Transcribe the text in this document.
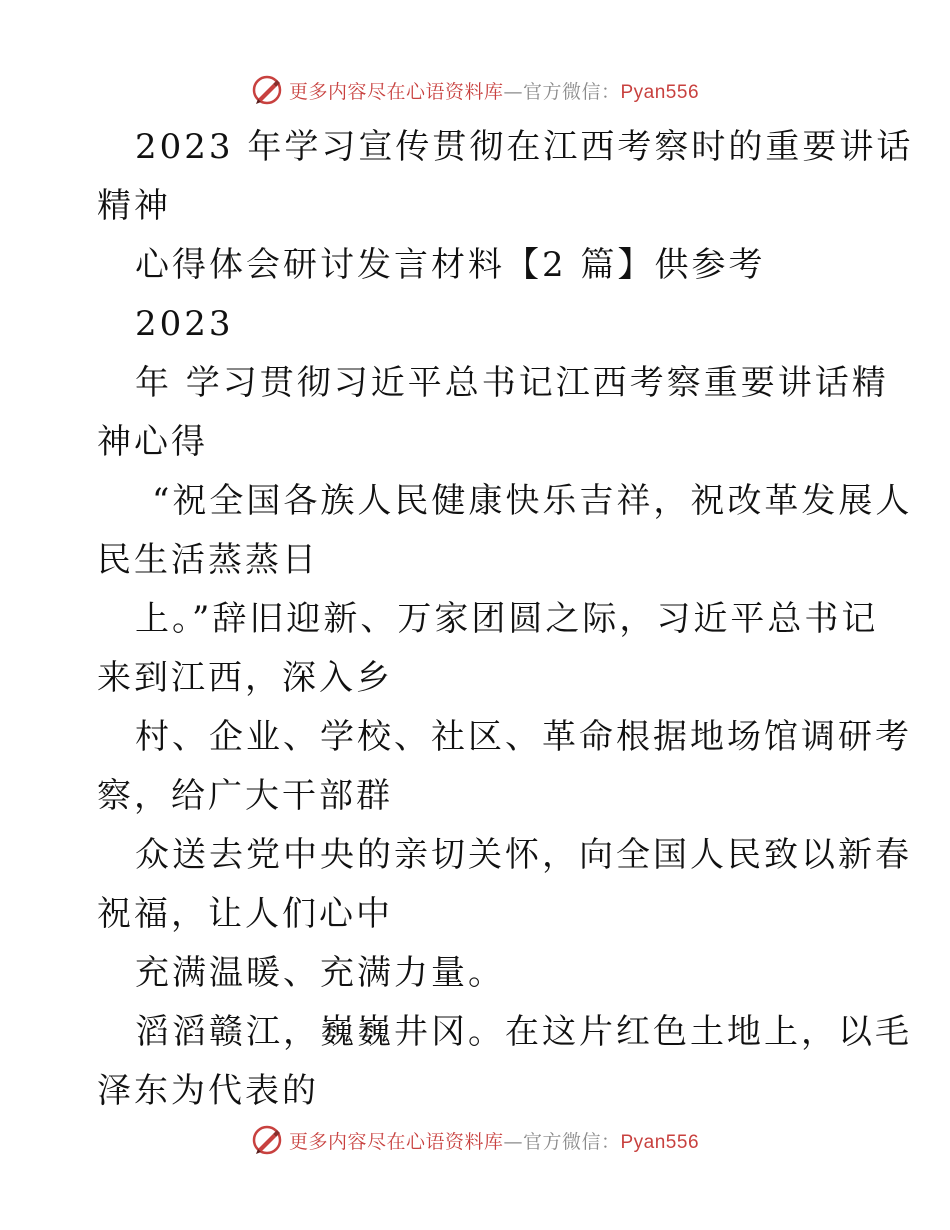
更多内容尽在心语资料库—官方微信：Pyan556
2023 年学习宣传贯彻在江西考察时的重要讲话
精神
心得体会研讨发言材料【2 篇】供参考
2023
年 学习贯彻习近平总书记江西考察重要讲话精
神心得
“祝全国各族人民健康快乐吉祥，祝改革发展人
民生活蒸蒸日
上。”辞旧迎新、万家团圆之际，习近平总书记
来到江西，深入乡
村、企业、学校、社区、革命根据地场馆调研考
察，给广大干部群
众送去党中央的亲切关怀，向全国人民致以新春
祝福，让人们心中
充满温暖、充满力量。
滔滔赣江，巍巍井冈。在这片红色土地上，以毛
泽东为代表的
更多内容尽在心语资料库—官方微信：Pyan556
